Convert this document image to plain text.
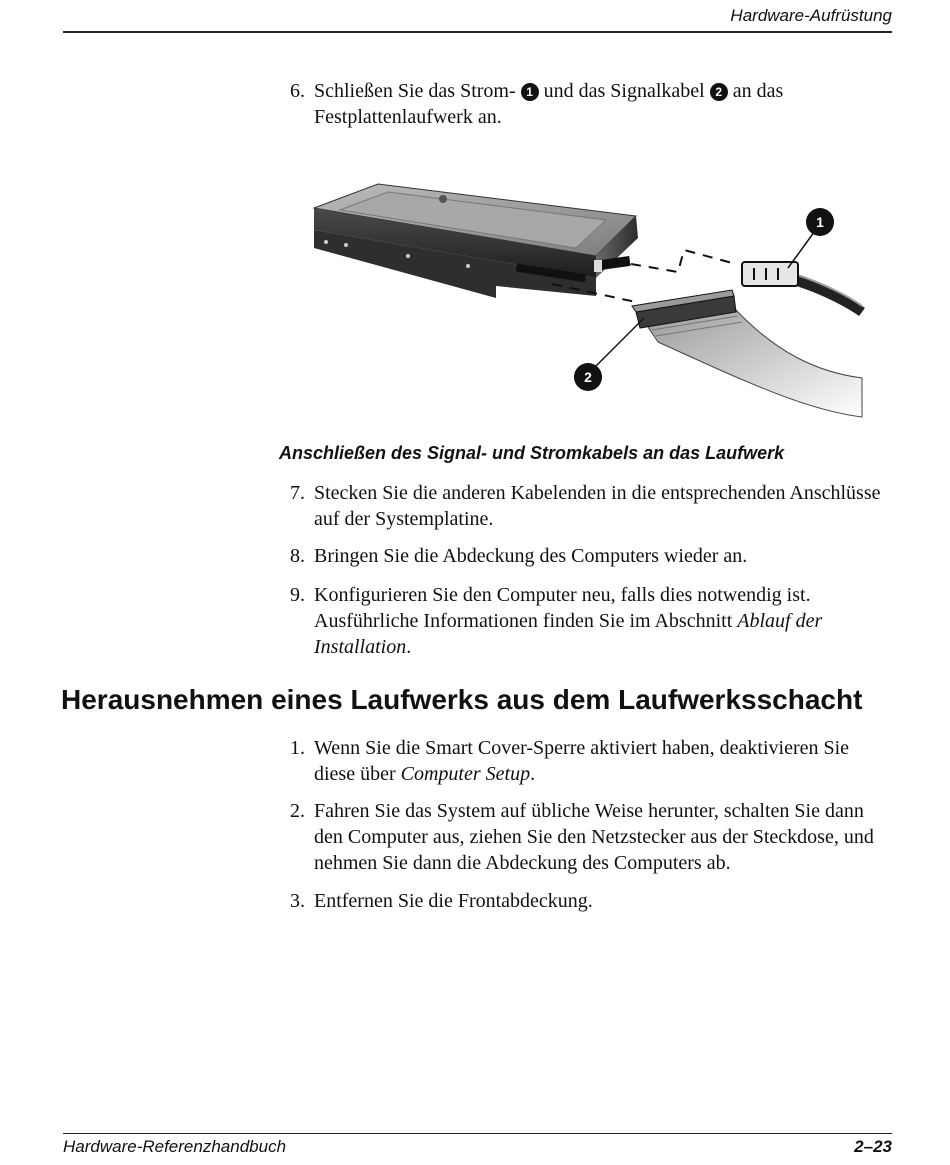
Hardware-Aufrüstung
6. Schließen Sie das Strom- 1 und das Signalkabel 2 an das Festplattenlaufwerk an.
1
2
Anschließen des Signal- und Stromkabels an das Laufwerk
7. Stecken Sie die anderen Kabelenden in die entsprechenden Anschlüsse auf der Systemplatine.
8. Bringen Sie die Abdeckung des Computers wieder an.
9. Konfigurieren Sie den Computer neu, falls dies notwendig ist. Ausführliche Informationen finden Sie im Abschnitt Ablauf der Installation.
Herausnehmen eines Laufwerks aus dem Laufwerksschacht
1. Wenn Sie die Smart Cover-Sperre aktiviert haben, deaktivieren Sie diese über Computer Setup.
2. Fahren Sie das System auf übliche Weise herunter, schalten Sie dann den Computer aus, ziehen Sie den Netzstecker aus der Steckdose, und nehmen Sie dann die Abdeckung des Computers ab.
3. Entfernen Sie die Frontabdeckung.
Hardware-Referenzhandbuch	2–23
